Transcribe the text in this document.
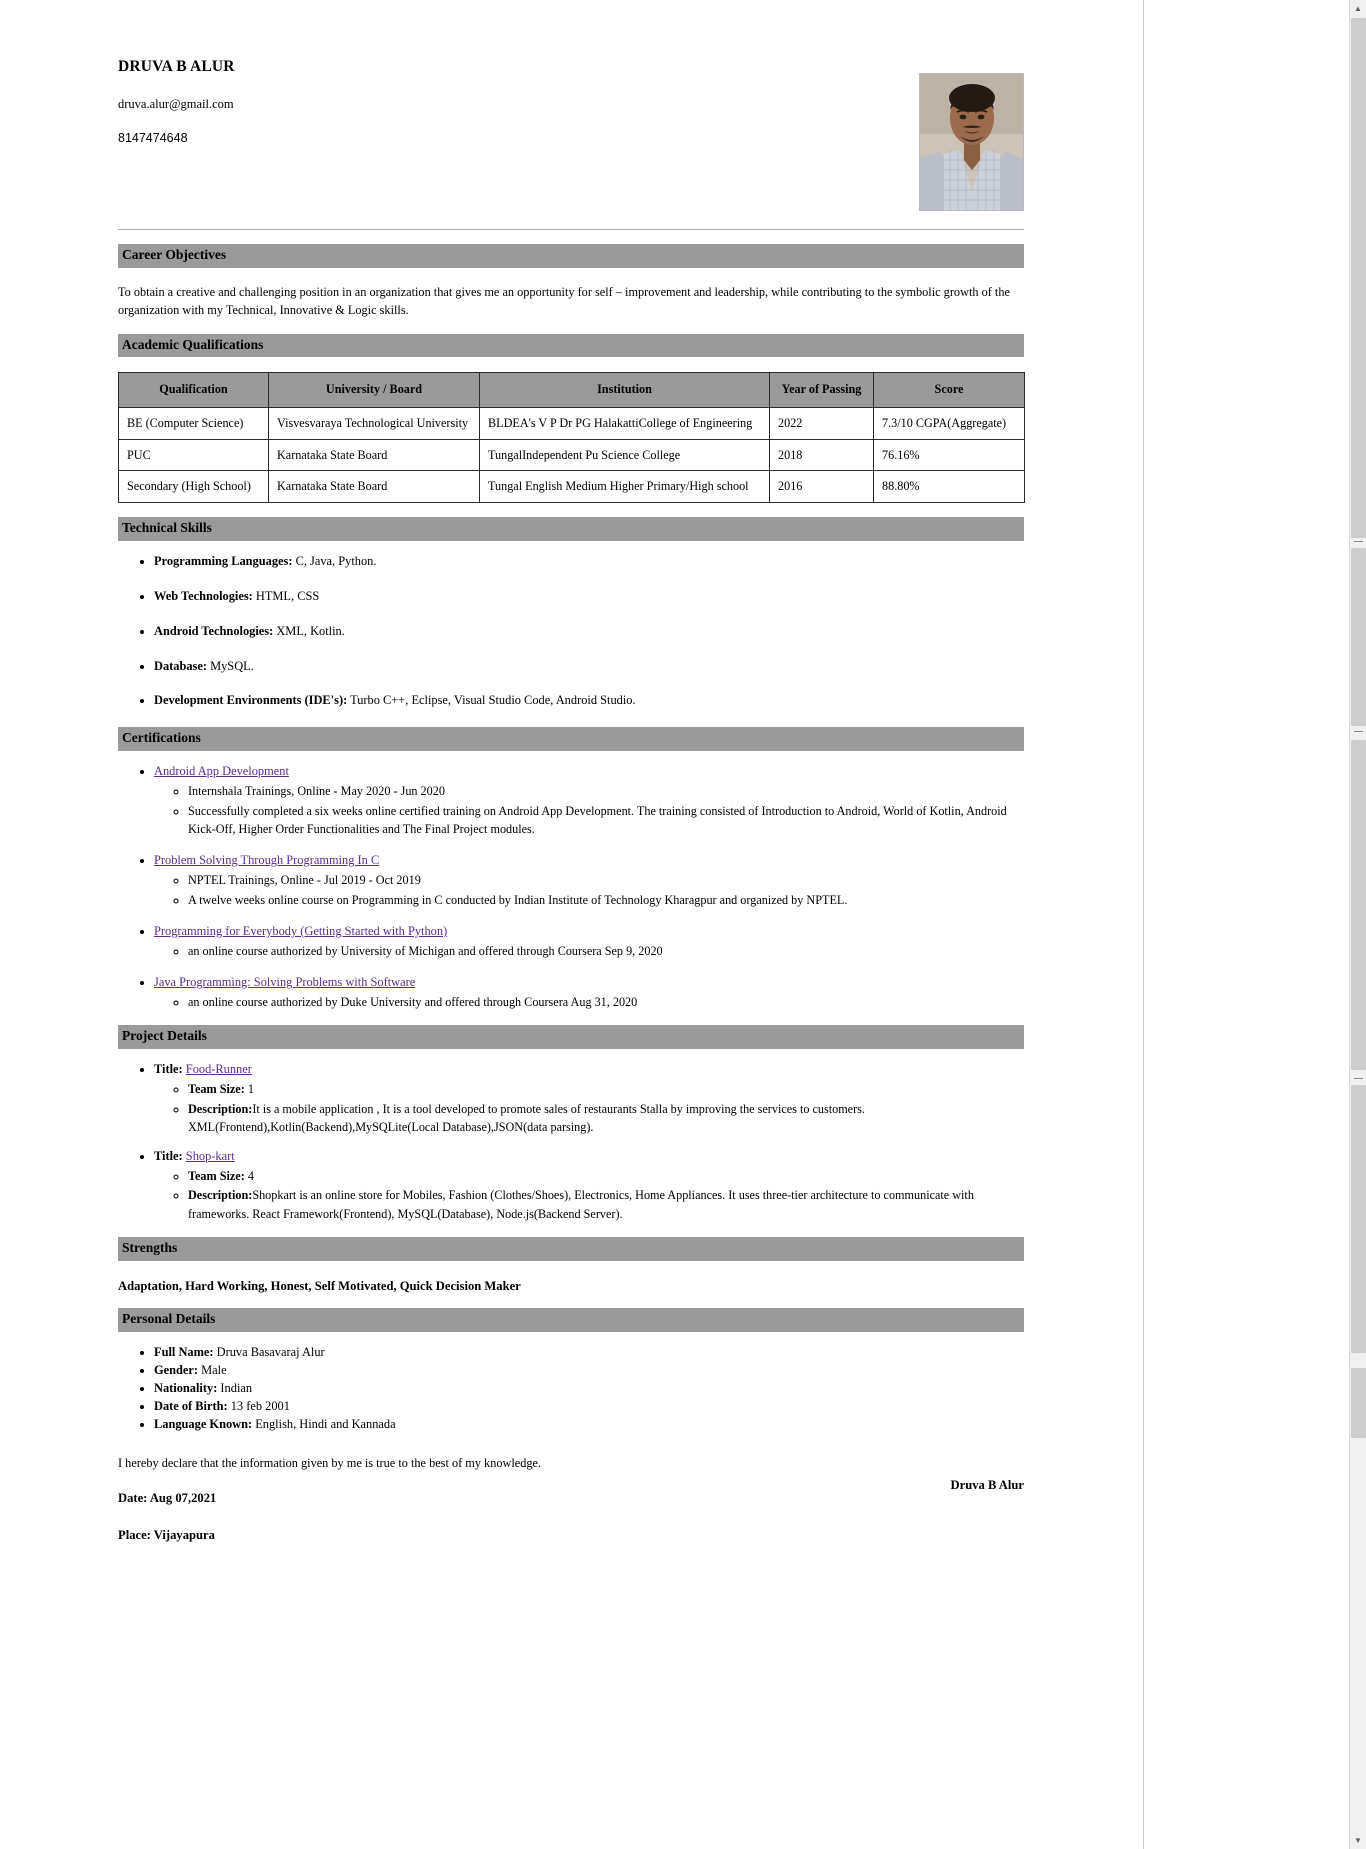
DRUVA B ALUR
druva.alur@gmail.com
8147474648
Career Objectives

To obtain a creative and challenging position in an organization that gives me an opportunity for self – improvement and leadership, while contributing to the symbolic growth of the organization with my Technical, Innovative & Logic skills.

Academic Qualifications
Qualification	University / Board	Institution	Year of Passing	Score
BE (Computer Science)	Visvesvaraya Technological University	BLDEA's V P Dr PG HalakattiCollege of Engineering	2022	7.3/10 CGPA(Aggregate)
PUC	Karnataka State Board	TungalIndependent Pu Science College	2018	76.16%
Secondary (High School)	Karnataka State Board	Tungal English Medium Higher Primary/High school	2016	88.80%
Technical Skills
• Programming Languages: C, Java, Python.
• Web Technologies: HTML, CSS
• Android Technologies: XML, Kotlin.
• Database: MySQL.
• Development Environments (IDE's): Turbo C++, Eclipse, Visual Studio Code, Android Studio.
Certifications
• Android App Development
◦ Internshala Trainings, Online - May 2020 - Jun 2020
◦ Successfully completed a six weeks online certified training on Android App Development. The training consisted of Introduction to Android, World of Kotlin, Android Kick-Off, Higher Order Functionalities and The Final Project modules.
• Problem Solving Through Programming In C
◦ NPTEL Trainings, Online - Jul 2019 - Oct 2019
◦ A twelve weeks online course on Programming in C conducted by Indian Institute of Technology Kharagpur and organized by NPTEL.
• Programming for Everybody (Getting Started with Python)
◦ an online course authorized by University of Michigan and offered through Coursera Sep 9, 2020
• Java Programming: Solving Problems with Software
◦ an online course authorized by Duke University and offered through Coursera Aug 31, 2020
Project Details
• Title: Food-Runner
◦ Team Size: 1
◦ Description:It is a mobile application , It is a tool developed to promote sales of restaurants Stalla by improving the services to customers. XML(Frontend),Kotlin(Backend),MySQLite(Local Database),JSON(data parsing).
• Title: Shop-kart
◦ Team Size: 4
◦ Description:Shopkart is an online store for Mobiles, Fashion (Clothes/Shoes), Electronics, Home Appliances. It uses three-tier architecture to communicate with frameworks. React Framework(Frontend), MySQL(Database), Node.js(Backend Server).
Strengths

Adaptation, Hard Working, Honest, Self Motivated, Quick Decision Maker

Personal Details
• Full Name: Druva Basavaraj Alur
• Gender: Male
• Nationality: Indian
• Date of Birth: 13 feb 2001
• Language Known: English, Hindi and Kannada

I hereby declare that the information given by me is true to the best of my knowledge.

Date: Aug 07,2021

Druva B Alur

Place: Vijayapura

▲
▼
